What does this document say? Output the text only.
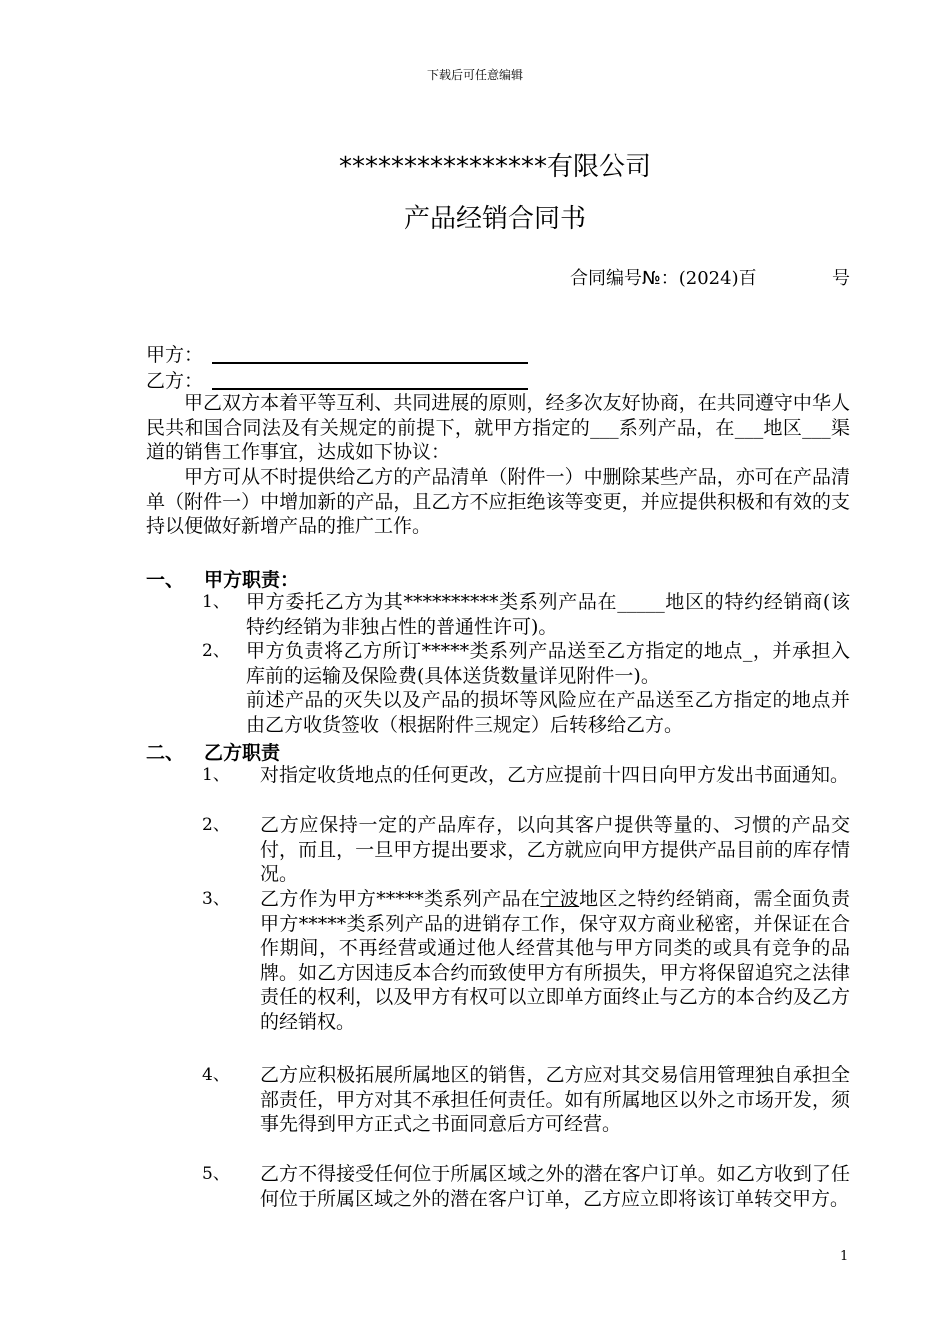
下载后可任意编辑
****************有限公司
产品经销合同书
合同编号№：(2024)百	号
甲方：
乙方：
甲乙双方本着平等互利、共同进展的原则，经多次友好协商，在共同遵守中华人民共和国合同法及有关规定的前提下，就甲方指定的___系列产品，在___地区___渠道的销售工作事宜，达成如下协议：
甲方可从不时提供给乙方的产品清单（附件一）中删除某些产品，亦可在产品清单（附件一）中增加新的产品，且乙方不应拒绝该等变更，并应提供积极和有效的支持以便做好新增产品的推广工作。
一、 甲方职责：
1、 甲方委托乙方为其**********类系列产品在_____地区的特约经销商(该特约经销为非独占性的普通性许可)。
2、 甲方负责将乙方所订*****类系列产品送至乙方指定的地点_，并承担入库前的运输及保险费(具体送货数量详见附件一)。
前述产品的灭失以及产品的损坏等风险应在产品送至乙方指定的地点并由乙方收货签收（根据附件三规定）后转移给乙方。
二、 乙方职责
1、 对指定收货地点的任何更改，乙方应提前十四日向甲方发出书面通知。
2、 乙方应保持一定的产品库存，以向其客户提供等量的、习惯的产品交付，而且，一旦甲方提出要求，乙方就应向甲方提供产品目前的库存情况。
3、 乙方作为甲方*****类系列产品在宁波地区之特约经销商，需全面负责甲方*****类系列产品的进销存工作，保守双方商业秘密，并保证在合作期间，不再经营或通过他人经营其他与甲方同类的或具有竞争的品牌。如乙方因违反本合约而致使甲方有所损失，甲方将保留追究之法律责任的权利，以及甲方有权可以立即单方面终止与乙方的本合约及乙方的经销权。
4、 乙方应积极拓展所属地区的销售，乙方应对其交易信用管理独自承担全部责任，甲方对其不承担任何责任。如有所属地区以外之市场开发，须事先得到甲方正式之书面同意后方可经营。
5、 乙方不得接受任何位于所属区域之外的潜在客户订单。如乙方收到了任何位于所属区域之外的潜在客户订单，乙方应立即将该订单转交甲方。
1
